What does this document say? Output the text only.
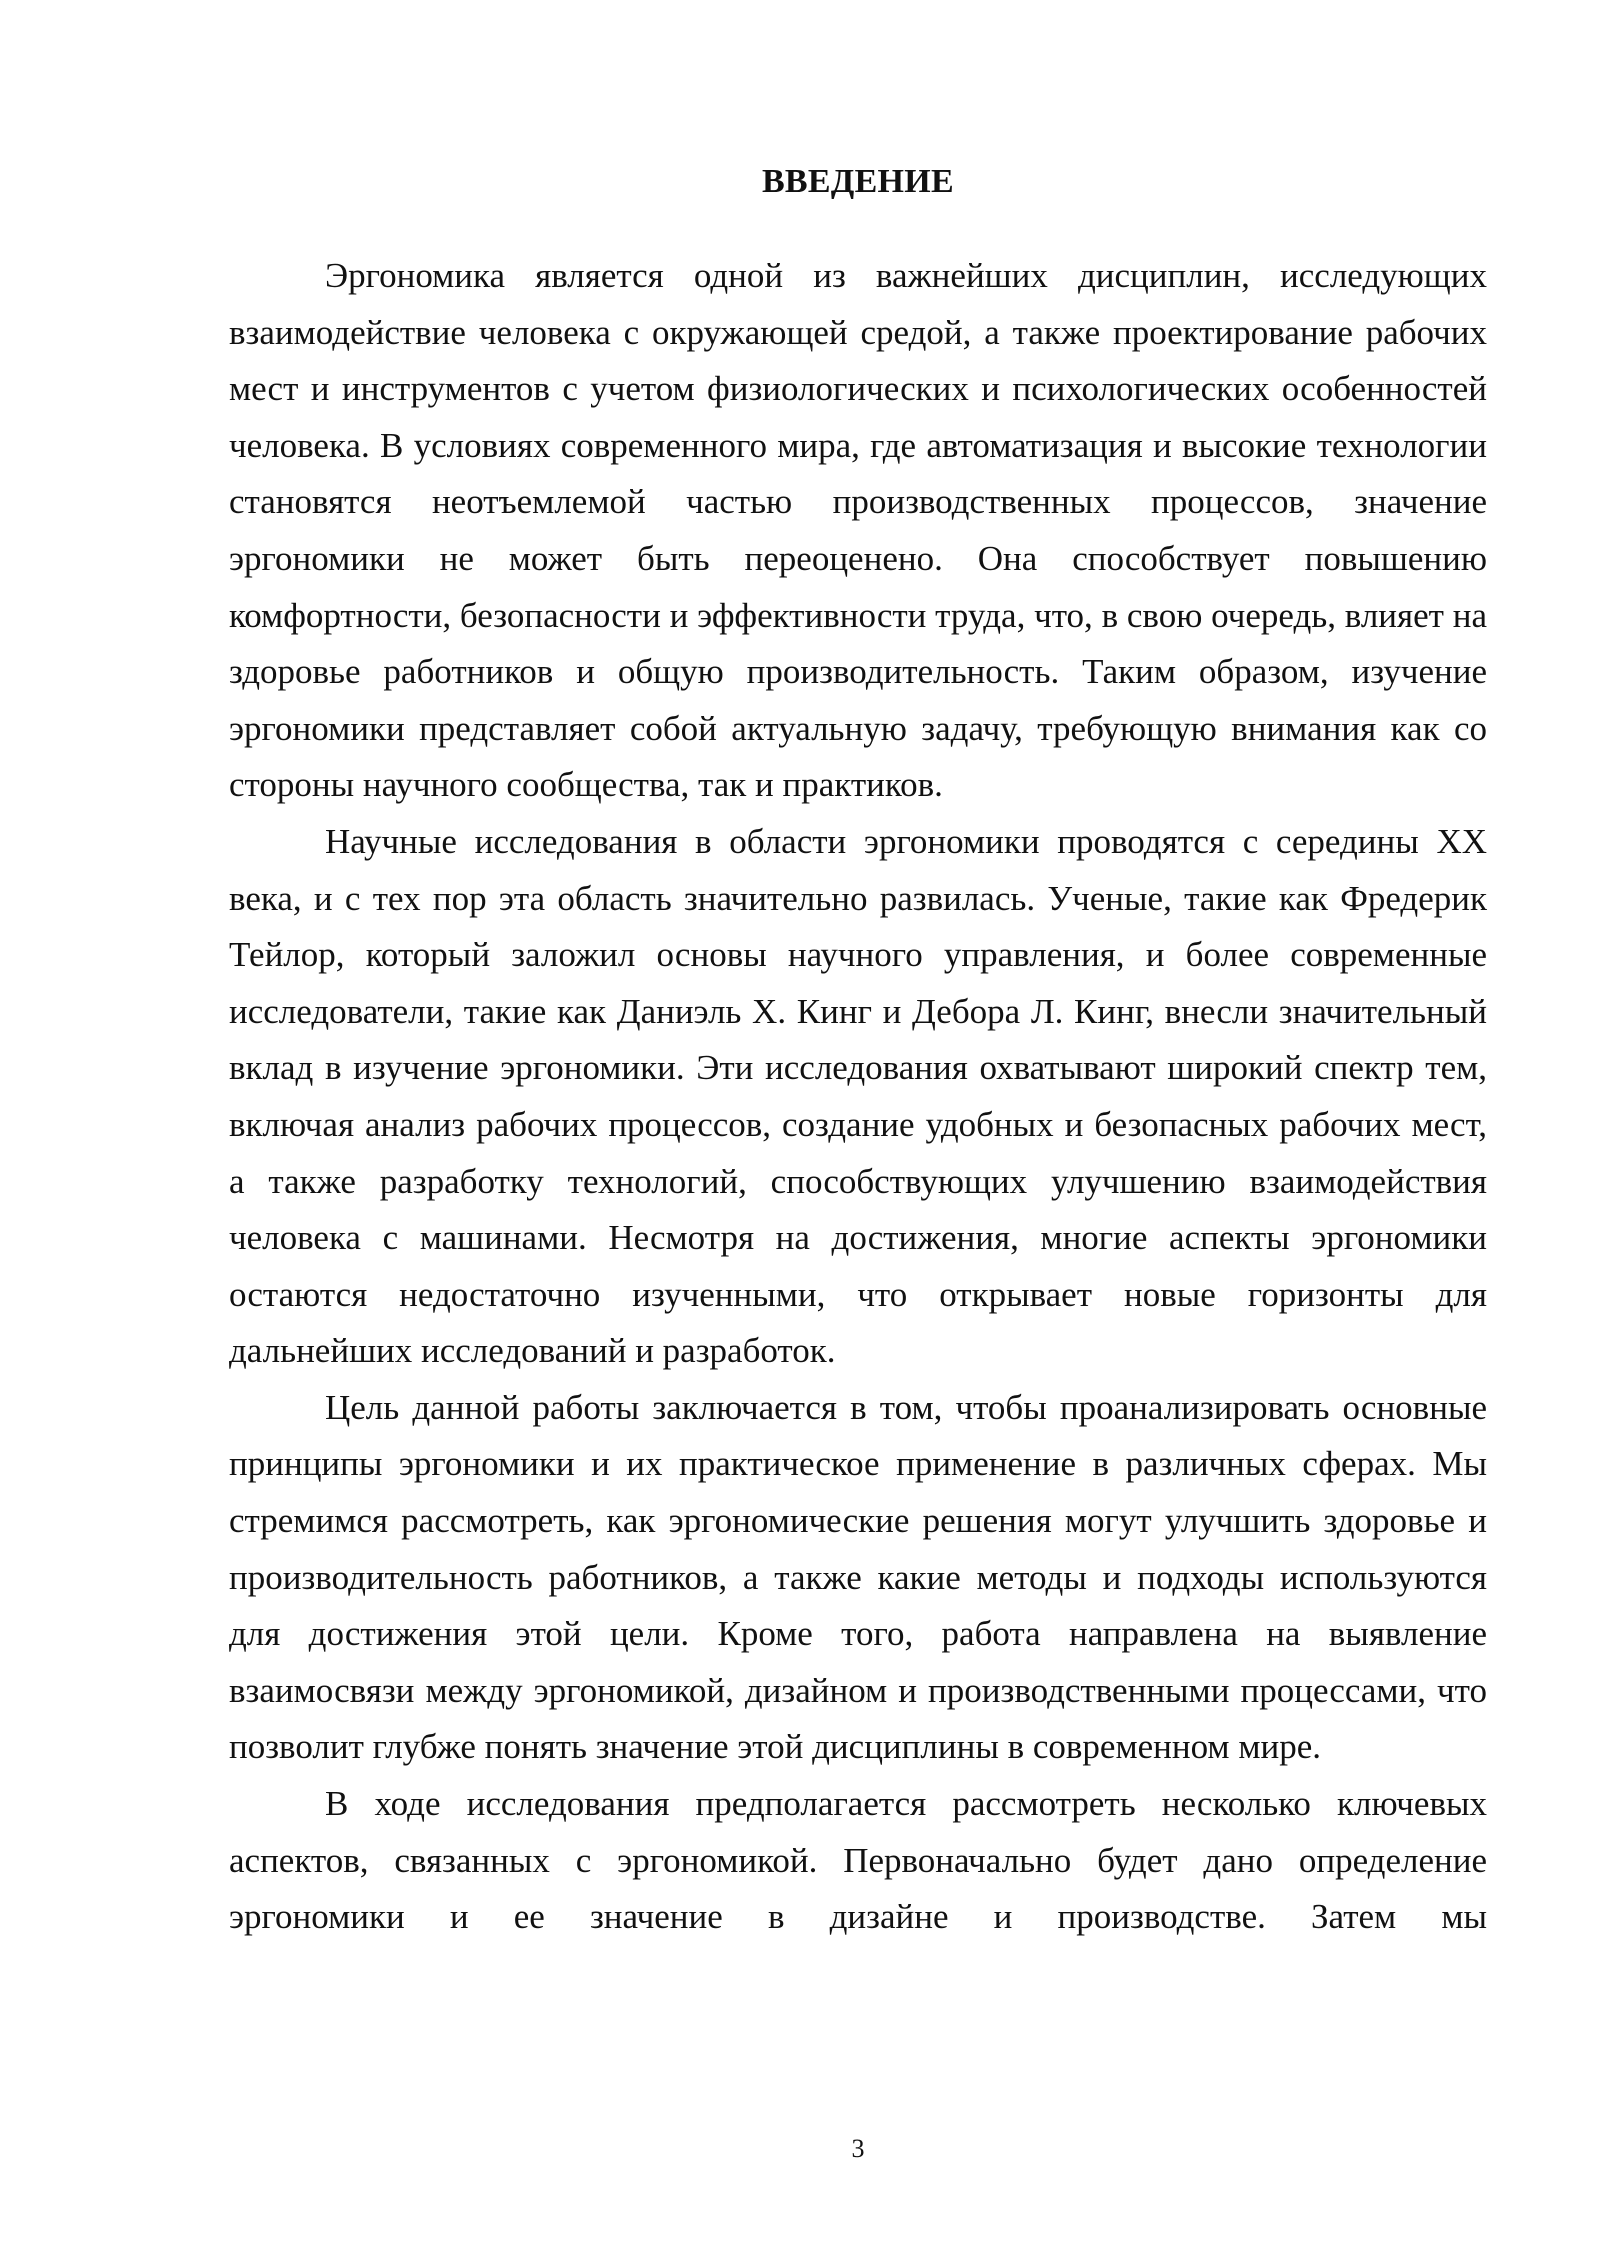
ВВЕДЕНИЕ

Эргономика является одной из важнейших дисциплин, исследующих взаимодействие человека с окружающей средой, а также проектирование рабочих мест и инструментов с учетом физиологических и психологических особенностей человека. В условиях современного мира, где автоматизация и высокие технологии становятся неотъемлемой частью производственных процессов, значение эргономики не может быть переоценено. Она способствует повышению комфортности, безопасности и эффективности труда, что, в свою очередь, влияет на здоровье работников и общую производительность. Таким образом, изучение эргономики представляет собой актуальную задачу, требующую внимания как со стороны научного сообщества, так и практиков.

Научные исследования в области эргономики проводятся с середины XX века, и с тех пор эта область значительно развилась. Ученые, такие как Фредерик Тейлор, который заложил основы научного управления, и более современные исследователи, такие как Даниэль Х. Кинг и Дебора Л. Кинг, внесли значительный вклад в изучение эргономики. Эти исследования охватывают широкий спектр тем, включая анализ рабочих процессов, создание удобных и безопасных рабочих мест, а также разработку технологий, способствующих улучшению взаимодействия человека с машинами. Несмотря на достижения, многие аспекты эргономики остаются недостаточно изученными, что открывает новые горизонты для дальнейших исследований и разработок.

Цель данной работы заключается в том, чтобы проанализировать основные принципы эргономики и их практическое применение в различных сферах. Мы стремимся рассмотреть, как эргономические решения могут улучшить здоровье и производительность работников, а также какие методы и подходы используются для достижения этой цели. Кроме того, работа направлена на выявление взаимосвязи между эргономикой, дизайном и производственными процессами, что позволит глубже понять значение этой дисциплины в современном мире.

В ходе исследования предполагается рассмотреть несколько ключевых аспектов, связанных с эргономикой. Первоначально будет дано определение эргономики и ее значение в дизайне и производстве. Затем мы

3
